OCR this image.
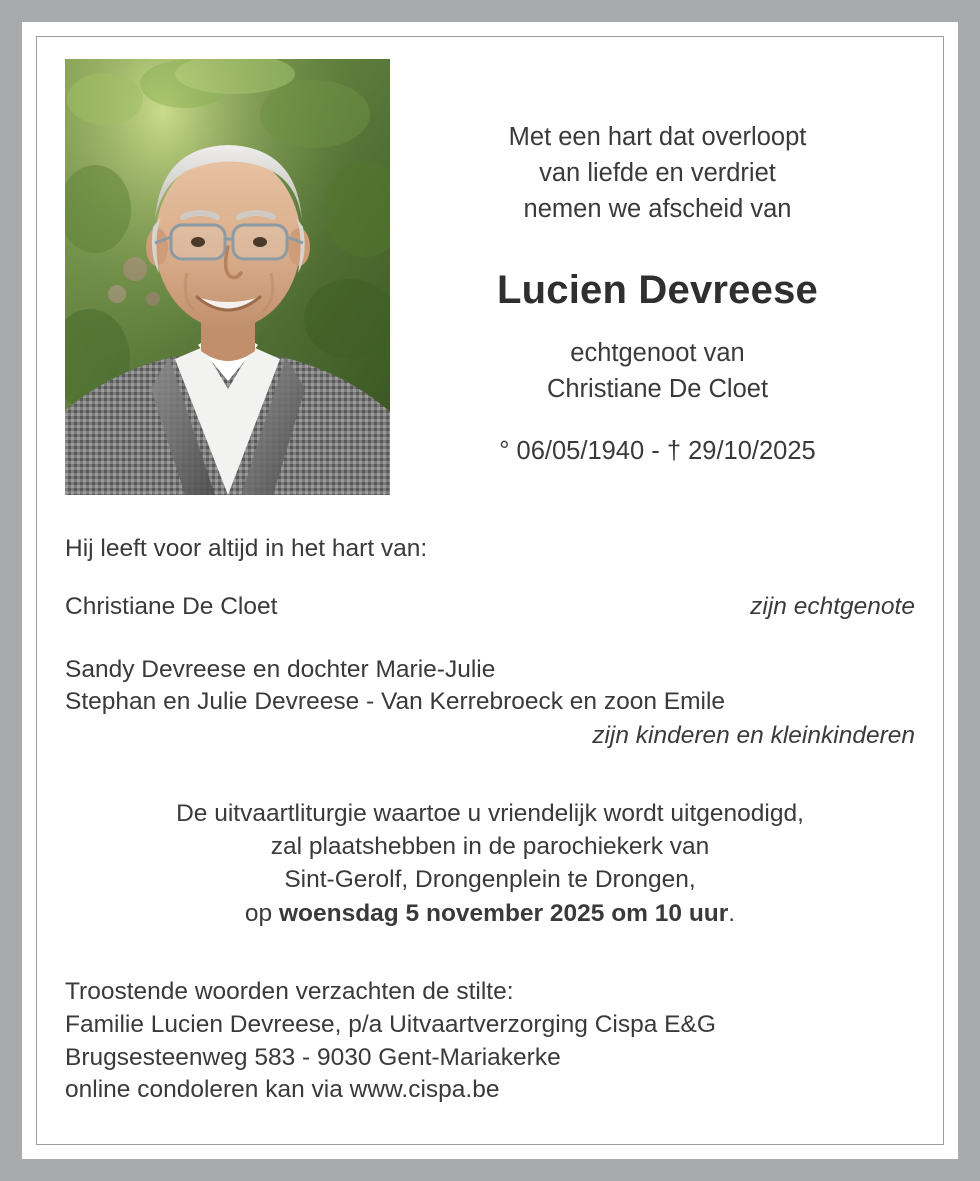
Met een hart dat overloopt
van liefde en verdriet
nemen we afscheid van
Lucien Devreese
echtgenoot van
Christiane De Cloet
° 06/05/1940 - † 29/10/2025
Hij leeft voor altijd in het hart van:
Christiane De Cloet	zijn echtgenote
Sandy Devreese en dochter Marie-Julie
Stephan en Julie Devreese - Van Kerrebroeck en zoon Emile
zijn kinderen en kleinkinderen
De uitvaartliturgie waartoe u vriendelijk wordt uitgenodigd,
zal plaatshebben in de parochiekerk van
Sint-Gerolf, Drongenplein te Drongen,
op woensdag 5 november 2025 om 10 uur.
Troostende woorden verzachten de stilte:
Familie Lucien Devreese, p/a Uitvaartverzorging Cispa E&G
Brugsesteenweg 583 - 9030 Gent-Mariakerke
online condoleren kan via www.cispa.be
